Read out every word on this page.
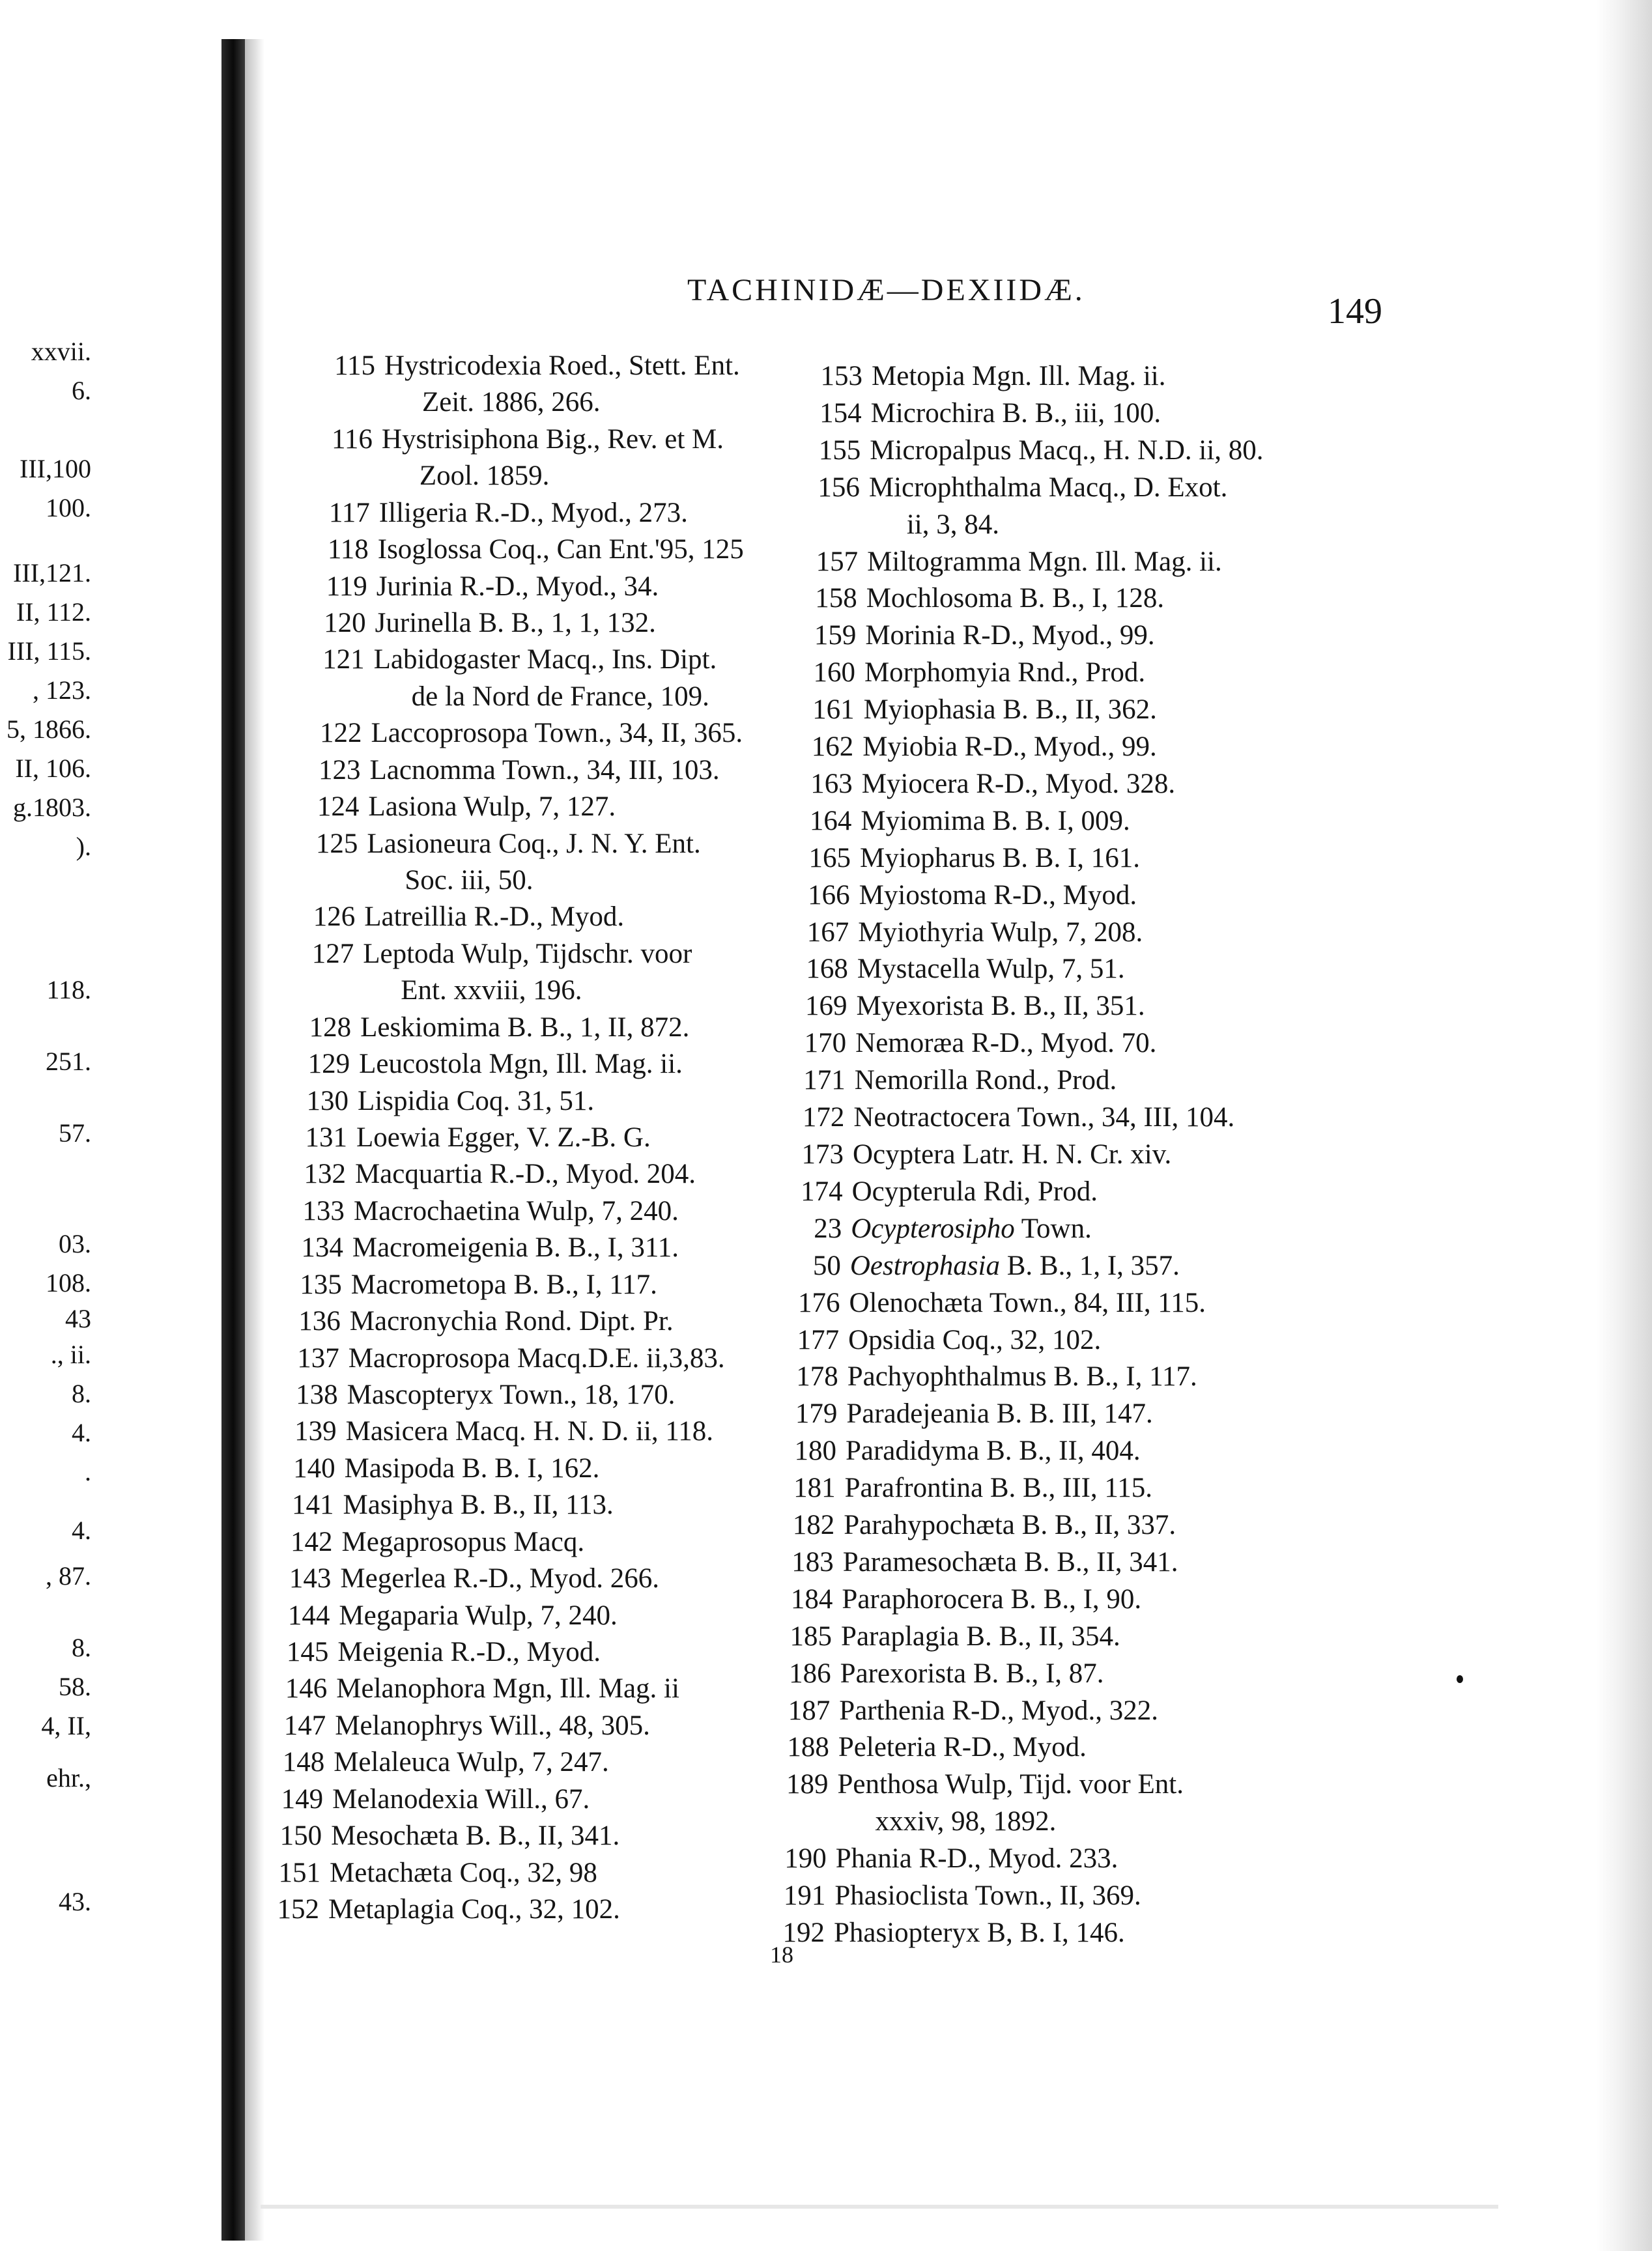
xxvii.
6.
III,100
100.
III,121.
II, 112.
III, 115.
, 123.
5, 1866.
II, 106.
g.1803.
).
118.
251.
57.
03.
108.
43
., ii.
8.
4.
.
4.
, 87.
8.
58.
4, II,
ehr.,
43.
TACHINIDÆ—DEXIIDÆ.
149
115 Hystricodexia Roed., Stett. Ent.
Zeit. 1886, 266.
116 Hystrisiphona Big., Rev. et M.
Zool. 1859.
117 Illigeria R.-D., Myod., 273.
118 Isoglossa Coq., Can Ent.'95, 125
119 Jurinia R.-D., Myod., 34.
120 Jurinella B. B., 1, 1, 132.
121 Labidogaster Macq., Ins. Dipt.
de la Nord de France, 109.
122 Laccoprosopa Town., 34, II, 365.
123 Lacnomma Town., 34, III, 103.
124 Lasiona Wulp, 7, 127.
125 Lasioneura Coq., J. N. Y. Ent.
Soc. iii, 50.
126 Latreillia R.-D., Myod.
127 Leptoda Wulp, Tijdschr. voor
Ent. xxviii, 196.
128 Leskiomima B. B., 1, II, 872.
129 Leucostola Mgn, Ill. Mag. ii.
130 Lispidia Coq. 31, 51.
131 Loewia Egger, V. Z.-B. G.
132 Macquartia R.-D., Myod. 204.
133 Macrochaetina Wulp, 7, 240.
134 Macromeigenia B. B., I, 311.
135 Macrometopa B. B., I, 117.
136 Macronychia Rond. Dipt. Pr.
137 Macroprosopa Macq.D.E. ii,3,83.
138 Mascopteryx Town., 18, 170.
139 Masicera Macq. H. N. D. ii, 118.
140 Masipoda B. B. I, 162.
141 Masiphya B. B., II, 113.
142 Megaprosopus Macq.
143 Megerlea R.-D., Myod. 266.
144 Megaparia Wulp, 7, 240.
145 Meigenia R.-D., Myod.
146 Melanophora Mgn, Ill. Mag. ii
147 Melanophrys Will., 48, 305.
148 Melaleuca Wulp, 7, 247.
149 Melanodexia Will., 67.
150 Mesochæta B. B., II, 341.
151 Metachæta Coq., 32, 98
152 Metaplagia Coq., 32, 102.
153 Metopia Mgn. Ill. Mag. ii.
154 Microchira B. B., iii, 100.
155 Micropalpus Macq., H. N.D. ii, 80.
156 Microphthalma Macq., D. Exot.
ii, 3, 84.
157 Miltogramma Mgn. Ill. Mag. ii.
158 Mochlosoma B. B., I, 128.
159 Morinia R-D., Myod., 99.
160 Morphomyia Rnd., Prod.
161 Myiophasia B. B., II, 362.
162 Myiobia R-D., Myod., 99.
163 Myiocera R-D., Myod. 328.
164 Myiomima B. B. I, 009.
165 Myiopharus B. B. I, 161.
166 Myiostoma R-D., Myod.
167 Myiothyria Wulp, 7, 208.
168 Mystacella Wulp, 7, 51.
169 Myexorista B. B., II, 351.
170 Nemoræa R-D., Myod. 70.
171 Nemorilla Rond., Prod.
172 Neotractocera Town., 34, III, 104.
173 Ocyptera Latr. H. N. Cr. xiv.
174 Ocypterula Rdi, Prod.
23 Ocypterosipho Town.
50 Oestrophasia B. B., 1, I, 357.
176 Olenochæta Town., 84, III, 115.
177 Opsidia Coq., 32, 102.
178 Pachyophthalmus B. B., I, 117.
179 Paradejeania B. B. III, 147.
180 Paradidyma B. B., II, 404.
181 Parafrontina B. B., III, 115.
182 Parahypochæta B. B., II, 337.
183 Paramesochæta B. B., II, 341.
184 Paraphorocera B. B., I, 90.
185 Paraplagia B. B., II, 354.
186 Parexorista B. B., I, 87.
187 Parthenia R-D., Myod., 322.
188 Peleteria R-D., Myod.
189 Penthosa Wulp, Tijd. voor Ent.
xxxiv, 98, 1892.
190 Phania R-D., Myod. 233.
191 Phasioclista Town., II, 369.
192 Phasiopteryx B, B. I, 146.
18
